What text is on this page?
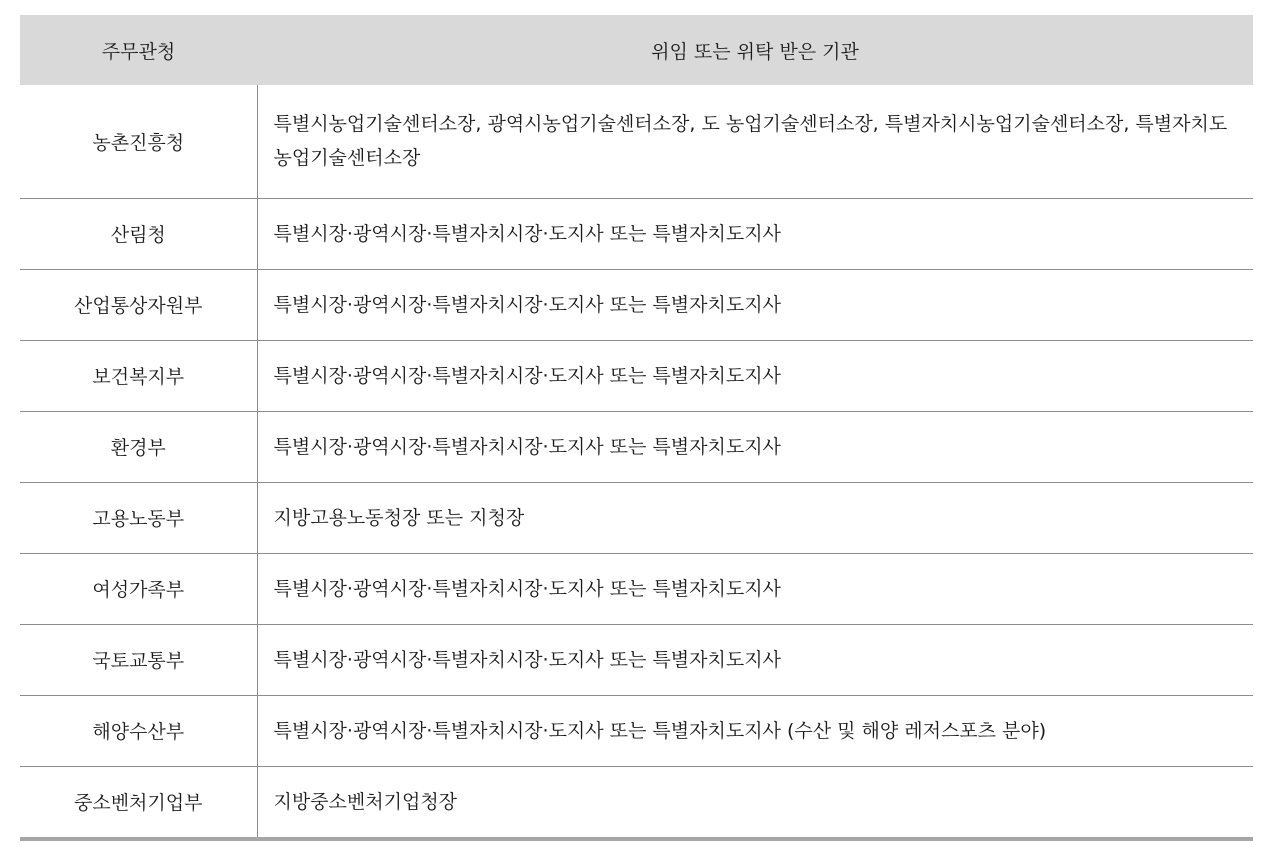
주무관청	위임 또는 위탁 받은 기관
농촌진흥청	특별시농업기술센터소장, 광역시농업기술센터소장, 도 농업기술센터소장, 특별자치시농업기술센터소장, 특별자치도농업기술센터소장
산림청	특별시장·광역시장·특별자치시장·도지사 또는 특별자치도지사
산업통상자원부	특별시장·광역시장·특별자치시장·도지사 또는 특별자치도지사
보건복지부	특별시장·광역시장·특별자치시장·도지사 또는 특별자치도지사
환경부	특별시장·광역시장·특별자치시장·도지사 또는 특별자치도지사
고용노동부	지방고용노동청장 또는 지청장
여성가족부	특별시장·광역시장·특별자치시장·도지사 또는 특별자치도지사
국토교통부	특별시장·광역시장·특별자치시장·도지사 또는 특별자치도지사
해양수산부	특별시장·광역시장·특별자치시장·도지사 또는 특별자치도지사 (수산 및 해양 레저스포츠 분야)
중소벤처기업부	지방중소벤처기업청장
